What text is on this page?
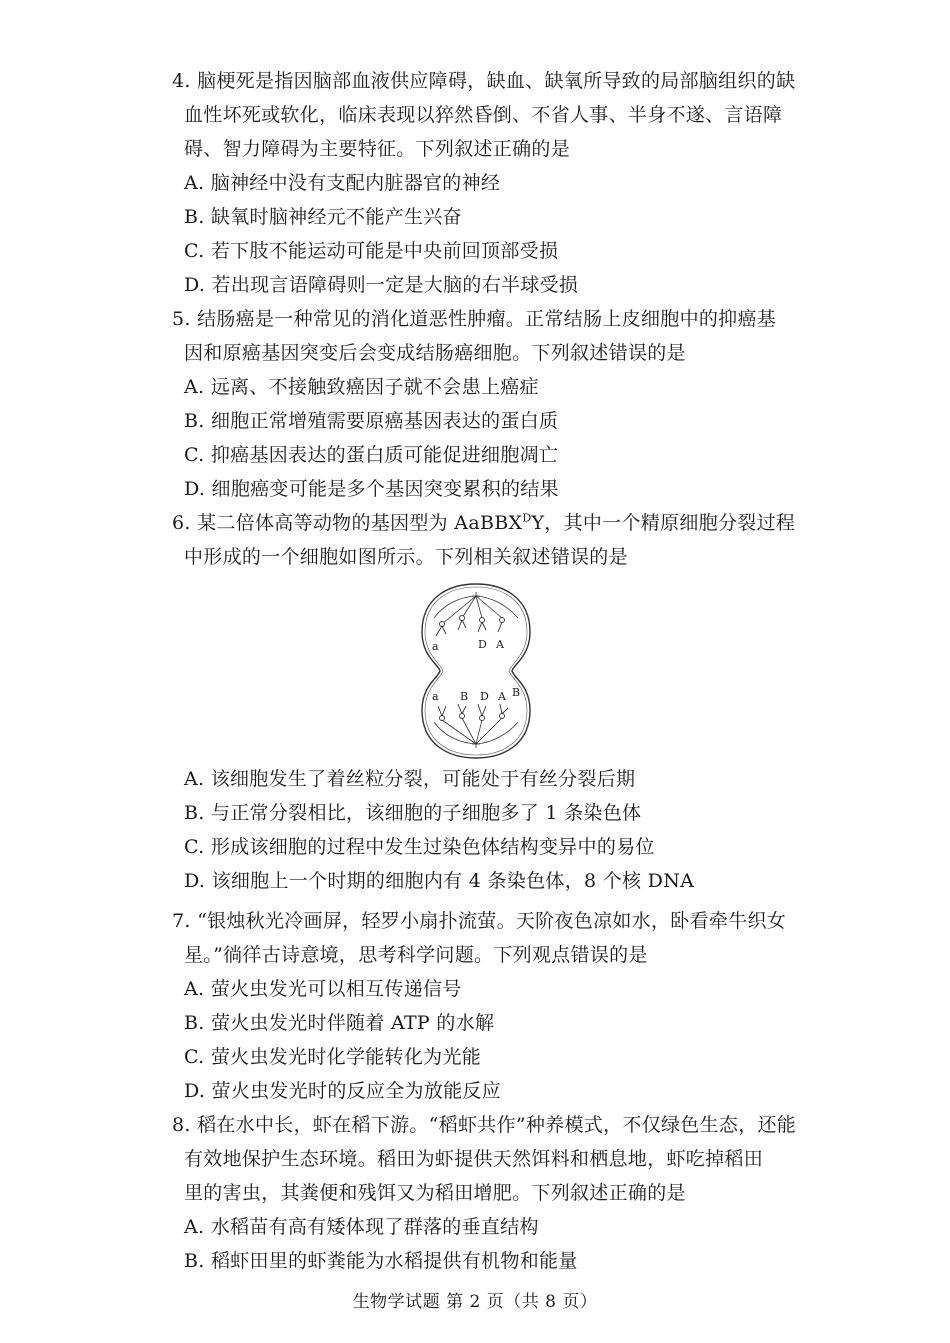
4. 脑梗死是指因脑部血液供应障碍，缺血、缺氧所导致的局部脑组织的缺
血性坏死或软化，临床表现以猝然昏倒、不省人事、半身不遂、言语障
碍、智力障碍为主要特征。下列叙述正确的是
A. 脑神经中没有支配内脏器官的神经
B. 缺氧时脑神经元不能产生兴奋
C. 若下肢不能运动可能是中央前回顶部受损
D. 若出现言语障碍则一定是大脑的右半球受损
5. 结肠癌是一种常见的消化道恶性肿瘤。正常结肠上皮细胞中的抑癌基
因和原癌基因突变后会变成结肠癌细胞。下列叙述错误的是
A. 远离、不接触致癌因子就不会患上癌症
B. 细胞正常增殖需要原癌基因表达的蛋白质
C. 抑癌基因表达的蛋白质可能促进细胞凋亡
D. 细胞癌变可能是多个基因突变累积的结果
6. 某二倍体高等动物的基因型为 AaBBX$^D$Y，其中一个精原细胞分裂过程
中形成的一个细胞如图所示。下列相关叙述错误的是
a	D A
a B D A B
A. 该细胞发生了着丝粒分裂，可能处于有丝分裂后期
B. 与正常分裂相比，该细胞的子细胞多了 1 条染色体
C. 形成该细胞的过程中发生过染色体结构变异中的易位
D. 该细胞上一个时期的细胞内有 4 条染色体，8 个核 DNA
7. “银烛秋光冷画屏，轻罗小扇扑流萤。天阶夜色凉如水，卧看牵牛织女
星。”徜徉古诗意境，思考科学问题。下列观点错误的是
A. 萤火虫发光可以相互传递信号
B. 萤火虫发光时伴随着 ATP 的水解
C. 萤火虫发光时化学能转化为光能
D. 萤火虫发光时的反应全为放能反应
8. 稻在水中长，虾在稻下游。“稻虾共作”种养模式，不仅绿色生态，还能
有效地保护生态环境。稻田为虾提供天然饵料和栖息地，虾吃掉稻田
里的害虫，其粪便和残饵又为稻田增肥。下列叙述正确的是
A. 水稻苗有高有矮体现了群落的垂直结构
B. 稻虾田里的虾粪能为水稻提供有机物和能量
生物学试题 第 2 页（共 8 页）
